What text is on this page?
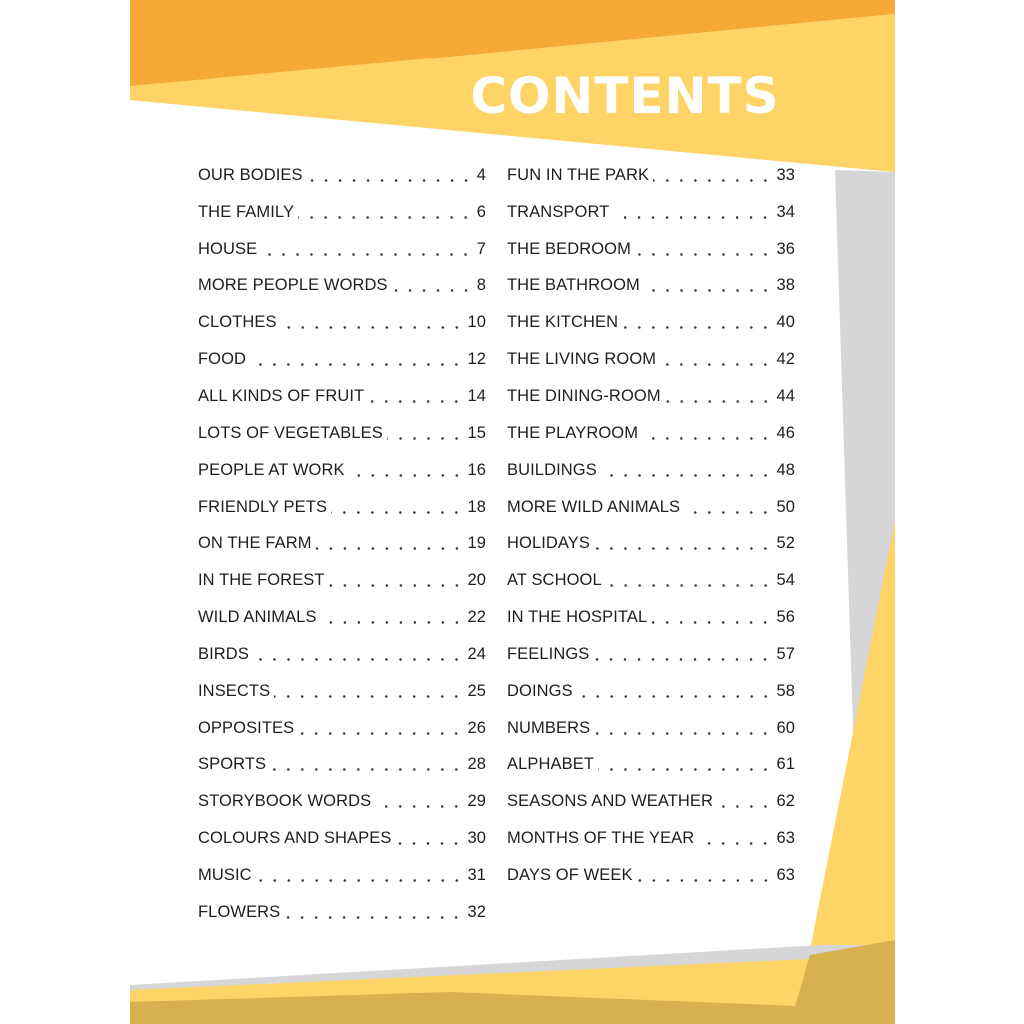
CONTENTS
OUR BODIES	4
THE FAMILY	6
HOUSE	7
MORE PEOPLE WORDS	8
CLOTHES	10
FOOD	12
ALL KINDS OF FRUIT	14
LOTS OF VEGETABLES	15
PEOPLE AT WORK	16
FRIENDLY PETS	18
ON THE FARM	19
IN THE FOREST	20
WILD ANIMALS	22
BIRDS	24
INSECTS	25
OPPOSITES	26
SPORTS	28
STORYBOOK WORDS	29
COLOURS AND SHAPES	30
MUSIC	31
FLOWERS	32
FUN IN THE PARK	33
TRANSPORT	34
THE BEDROOM	36
THE BATHROOM	38
THE KITCHEN	40
THE LIVING ROOM	42
THE DINING-ROOM	44
THE PLAYROOM	46
BUILDINGS	48
MORE WILD ANIMALS	50
HOLIDAYS	52
AT SCHOOL	54
IN THE HOSPITAL	56
FEELINGS	57
DOINGS	58
NUMBERS	60
ALPHABET	61
SEASONS AND WEATHER	62
MONTHS OF THE YEAR	63
DAYS OF WEEK	63
